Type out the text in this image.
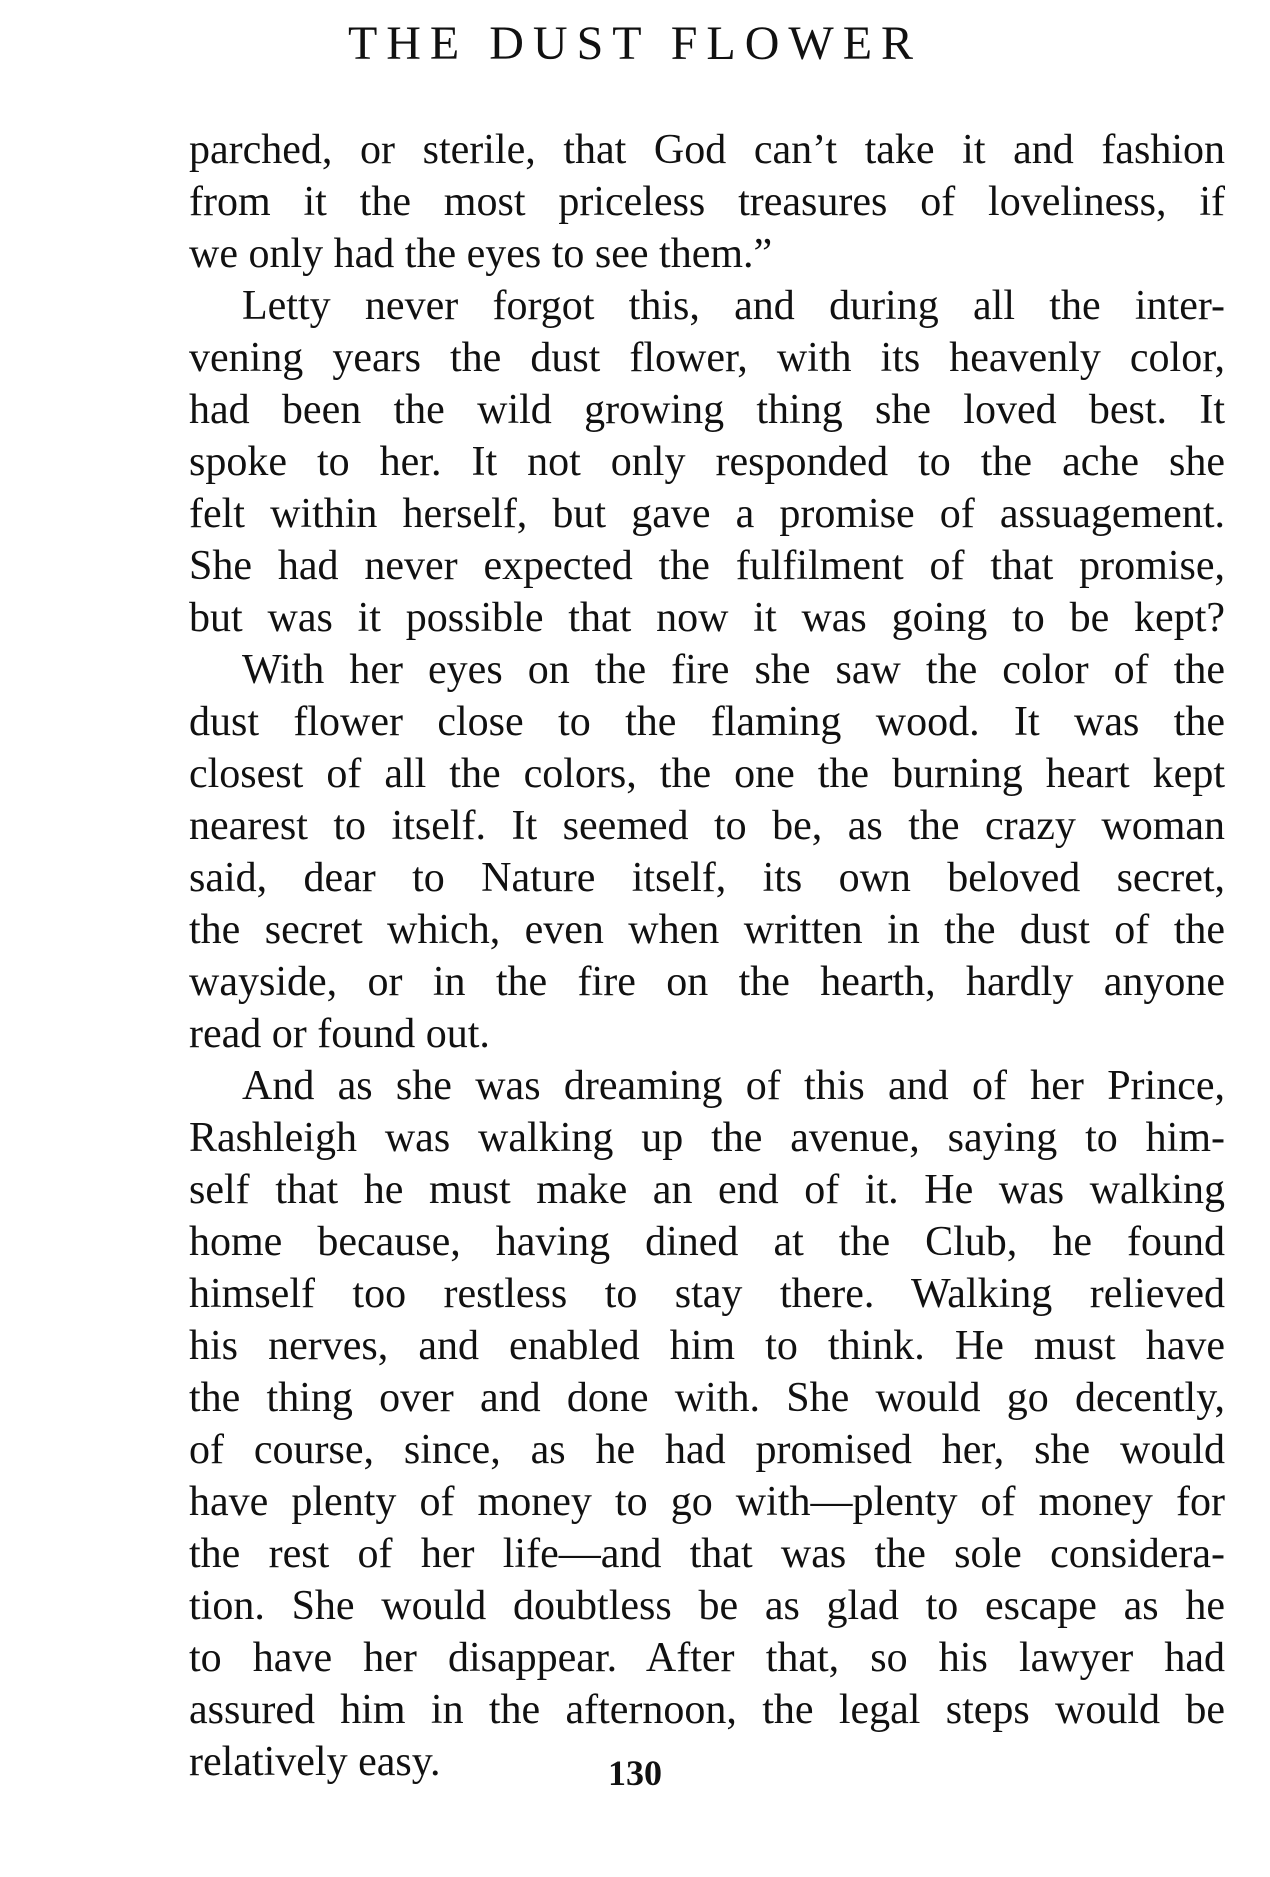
THE DUST FLOWER
parched, or sterile, that God can’t take it and fashion
from it the most priceless treasures of loveliness, if
we only had the eyes to see them.”
Letty never forgot this, and during all the inter-
vening years the dust flower, with its heavenly color,
had been the wild growing thing she loved best. It
spoke to her. It not only responded to the ache she
felt within herself, but gave a promise of assuagement.
She had never expected the fulfilment of that promise,
but was it possible that now it was going to be kept?
With her eyes on the fire she saw the color of the
dust flower close to the flaming wood. It was the
closest of all the colors, the one the burning heart kept
nearest to itself. It seemed to be, as the crazy woman
said, dear to Nature itself, its own beloved secret,
the secret which, even when written in the dust of the
wayside, or in the fire on the hearth, hardly anyone
read or found out.
And as she was dreaming of this and of her Prince,
Rashleigh was walking up the avenue, saying to him-
self that he must make an end of it. He was walking
home because, having dined at the Club, he found
himself too restless to stay there. Walking relieved
his nerves, and enabled him to think. He must have
the thing over and done with. She would go decently,
of course, since, as he had promised her, she would
have plenty of money to go with—plenty of money for
the rest of her life—and that was the sole considera-
tion. She would doubtless be as glad to escape as he
to have her disappear. After that, so his lawyer had
assured him in the afternoon, the legal steps would be
relatively easy.	130
